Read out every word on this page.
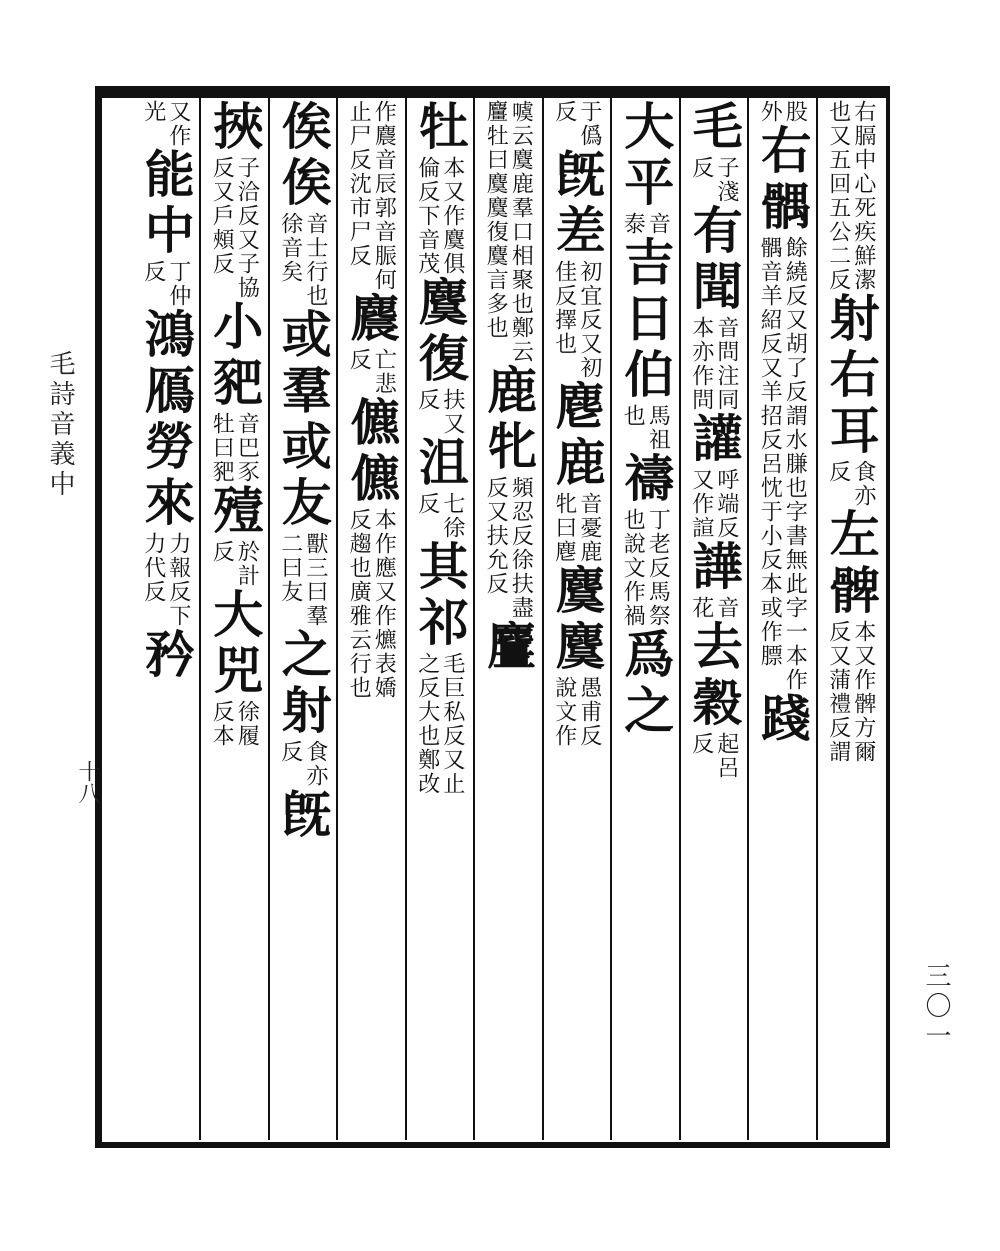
毛詩音義中
十八
三〇一
右膈中心死疾鮮潔
也又五回五公二反
射右耳
食亦
反
左髀
本又作髀方爾
反又蒲禮反謂
股
外
右髃
餘繞反又胡了反謂水膁也字書無此字一本作
髃音羊紹反又羊招反呂忱于小反本或作膘
踐
毛
子淺
反
有聞
音問注同
本亦作問
讙
呼端反
又作諠
譁
音
花
去穀
起呂
反
大平
音
泰
吉日伯
馬祖
也
禱
丁老反馬祭
也說文作禍
爲之
于僞
反
旣差
初宜反又初
佳反擇也
麀鹿
音憂鹿
牝曰麀
麌麌
愚甫反
說文作
噳云麌鹿羣口相聚也鄭云
麠牡曰麌麌復麌言多也
鹿牝
頻忍反徐扶盡
反又扶允反
麠
牡
本又作麌俱
倫反下音茂
麌復
扶又
反
沮
七徐
反
其祁
毛巨私反又止
之反大也鄭改
作麎音辰郭音脤何
止尸反沈市尸反
麎
亡悲
反
儦儦
本作應又作爊表嬌
反趨也廣雅云行也
俟俟
音士行也
徐音矣
或羣或友
獸三曰羣
二曰友
之射
食亦
反
旣
挾
子洽反又子協
反又戶頰反
小豝
音巴豕
牡曰豝
殪
於計
反
大兕
徐履
反本
又作
光
能中
丁仲
反
鴻鴈勞來
力報反下
力代反
矜
